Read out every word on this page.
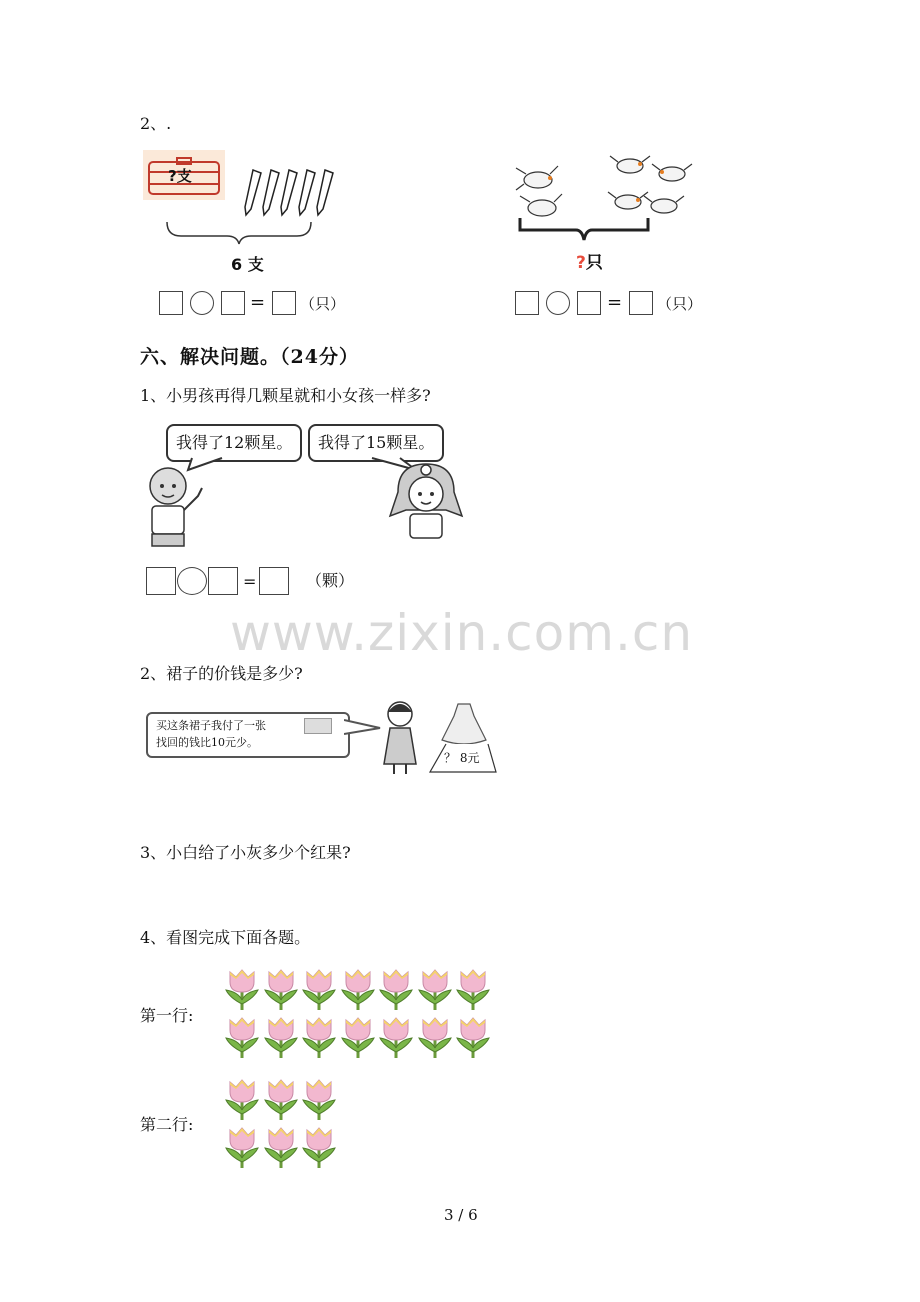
2、.
?支
6 支	?只
= （只）	= （只）
六、解决问题。（24分）
1、小男孩再得几颗星就和小女孩一样多?
我得了12颗星。	我得了15颗星。
=	（颗）
www.zixin.com.cn
2、裙子的价钱是多少?
买这条裙子我付了一张
找回的钱比10元少。
？ 8元
3、小白给了小灰多少个红果?
4、看图完成下面各题。
第一行:
第二行:
3 / 6
